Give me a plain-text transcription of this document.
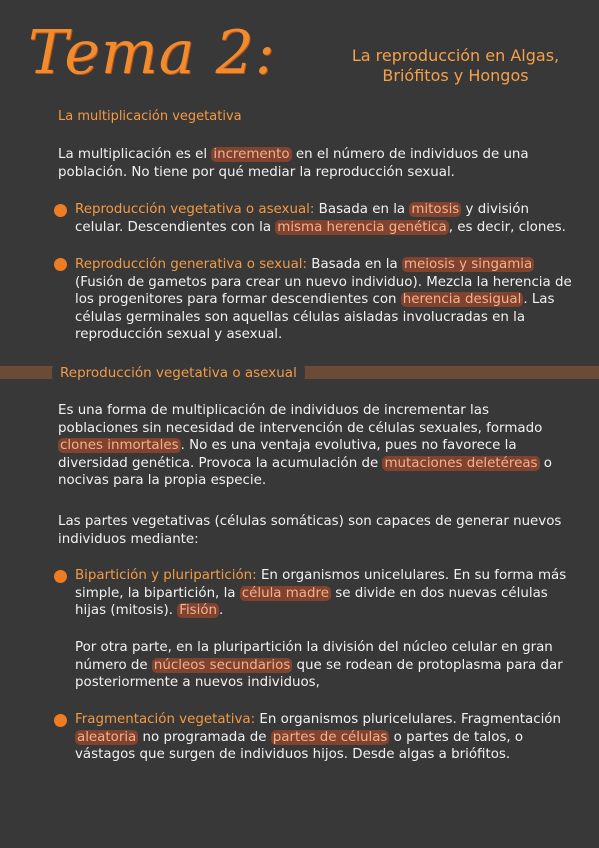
Tema 2:	La reproducción en Algas,
Briófitos y Hongos
La multiplicación vegetativa

La multiplicación es el incremento en el número de individuos de una población. No tiene por qué mediar la reproducción sexual.

Reproducción vegetativa o asexual: Basada en la mitosis y división celular. Descendientes con la misma herencia genética , es decir, clones.

Reproducción generativa o sexual: Basada en la meiosis y singamia (Fusión de gametos para crear un nuevo individuo). Mezcla la herencia de los progenitores para formar descendientes con herencia desigual . Las células germinales son aquellas células aisladas involucradas en la reproducción sexual y asexual.

Reproducción vegetativa o asexual

Es una forma de multiplicación de individuos de incrementar las poblaciones sin necesidad de intervención de células sexuales, formado clones inmortales . No es una ventaja evolutiva, pues no favorece la diversidad genética. Provoca la acumulación de mutaciones deletéreas o nocivas para la propia especie.

Las partes vegetativas (células somáticas) son capaces de generar nuevos individuos mediante:

Bipartición y pluripartición: En organismos unicelulares. En su forma más simple, la bipartición, la célula madre se divide en dos nuevas células hijas (mitosis). Fisión .

Por otra parte, en la pluripartición la división del núcleo celular en gran número de núcleos secundarios que se rodean de protoplasma para dar posteriormente a nuevos individuos,

Fragmentación vegetativa: En organismos pluricelulares. Fragmentación aleatoria no programada de partes de células o partes de talos, o vástagos que surgen de individuos hijos. Desde algas a briófitos.
